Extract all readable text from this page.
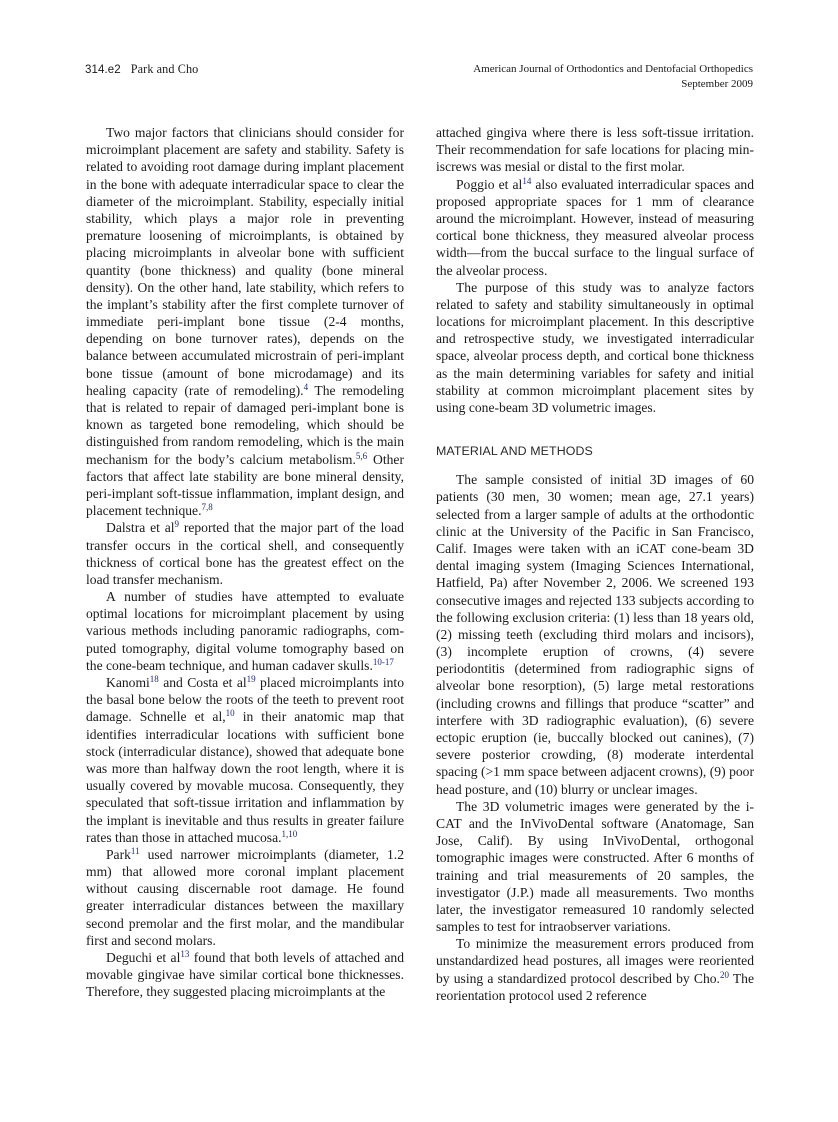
314.e2 Park and Cho	American Journal of Orthodontics and Dentofacial Orthopedics
September 2009

Two major factors that clinicians should consider for microimplant placement are safety and stability. Safety is related to avoiding root damage during implant placement in the bone with adequate interradicular space to clear the diameter of the microimplant. Stability, especially initial stability, which plays a major role in preventing premature loosening of microimplants, is obtained by placing microimplants in alveolar bone with sufficient quantity (bone thickness) and quality (bone mineral density). On the other hand, late stability, which refers to the implant’s stability after the first complete turnover of immediate peri-implant bone tissue (2-4 months, depending on bone turnover rates), depends on the balance between accumulated microstrain of peri-implant bone tissue (amount of bone microdamage) and its healing capacity (rate of remodeling).$^4$ The remodeling that is related to repair of damaged peri-implant bone is known as targeted bone remodeling, which should be distinguished from random remodeling, which is the main mechanism for the body’s calcium metabolism.$^{5,6}$ Other factors that affect late stability are bone mineral density, peri-implant soft-tissue inflammation, implant design, and placement technique.$^{7,8}$

Dalstra et al$^9$ reported that the major part of the load transfer occurs in the cortical shell, and consequently thickness of cortical bone has the greatest effect on the load transfer mechanism.

A number of studies have attempted to evaluate optimal locations for microimplant placement by using various methods including panoramic radiographs, computed tomography, digital volume tomography based on the cone-beam technique, and human cadaver skulls.$^{10-17}$

Kanomi$^{18}$ and Costa et al$^{19}$ placed microimplants into the basal bone below the roots of the teeth to prevent root damage. Schnelle et al,$^{10}$ in their anatomic map that identifies interradicular locations with sufficient bone stock (interradicular distance), showed that adequate bone was more than halfway down the root length, where it is usually covered by movable mucosa. Consequently, they speculated that soft-tissue irritation and inflammation by the implant is inevitable and thus results in greater failure rates than those in attached mucosa.$^{1,10}$

Park$^{11}$ used narrower microimplants (diameter, 1.2 mm) that allowed more coronal implant placement without causing discernable root damage. He found greater interradicular distances between the maxillary second premolar and the first molar, and the mandibular first and second molars.

Deguchi et al$^{13}$ found that both levels of attached and movable gingivae have similar cortical bone thicknesses. Therefore, they suggested placing microimplants at the

attached gingiva where there is less soft-tissue irritation. Their recommendation for safe locations for placing miniscrews was mesial or distal to the first molar.

Poggio et al$^{14}$ also evaluated interradicular spaces and proposed appropriate spaces for 1 mm of clearance around the microimplant. However, instead of measuring cortical bone thickness, they measured alveolar process width—from the buccal surface to the lingual surface of the alveolar process.

The purpose of this study was to analyze factors related to safety and stability simultaneously in optimal locations for microimplant placement. In this descriptive and retrospective study, we investigated interradicular space, alveolar process depth, and cortical bone thickness as the main determining variables for safety and initial stability at common microimplant placement sites by using cone-beam 3D volumetric images.

MATERIAL AND METHODS

The sample consisted of initial 3D images of 60 patients (30 men, 30 women; mean age, 27.1 years) selected from a larger sample of adults at the orthodontic clinic at the University of the Pacific in San Francisco, Calif. Images were taken with an iCAT cone-beam 3D dental imaging system (Imaging Sciences International, Hatfield, Pa) after November 2, 2006. We screened 193 consecutive images and rejected 133 subjects according to the following exclusion criteria: (1) less than 18 years old, (2) missing teeth (excluding third molars and incisors), (3) incomplete eruption of crowns, (4) severe periodontitis (determined from radiographic signs of alveolar bone resorption), (5) large metal restorations (including crowns and fillings that produce “scatter” and interfere with 3D radiographic evaluation), (6) severe ectopic eruption (ie, buccally blocked out canines), (7) severe posterior crowding, (8) moderate interdental spacing (>1 mm space between adjacent crowns), (9) poor head posture, and (10) blurry or unclear images.

The 3D volumetric images were generated by the i-CAT and the InVivoDental software (Anatomage, San Jose, Calif). By using InVivoDental, orthogonal tomographic images were constructed. After 6 months of training and trial measurements of 20 samples, the investigator (J.P.) made all measurements. Two months later, the investigator remeasured 10 randomly selected samples to test for intraobserver variations.

To minimize the measurement errors produced from unstandardized head postures, all images were reoriented by using a standardized protocol described by Cho.$^{20}$ The reorientation protocol used 2 reference
